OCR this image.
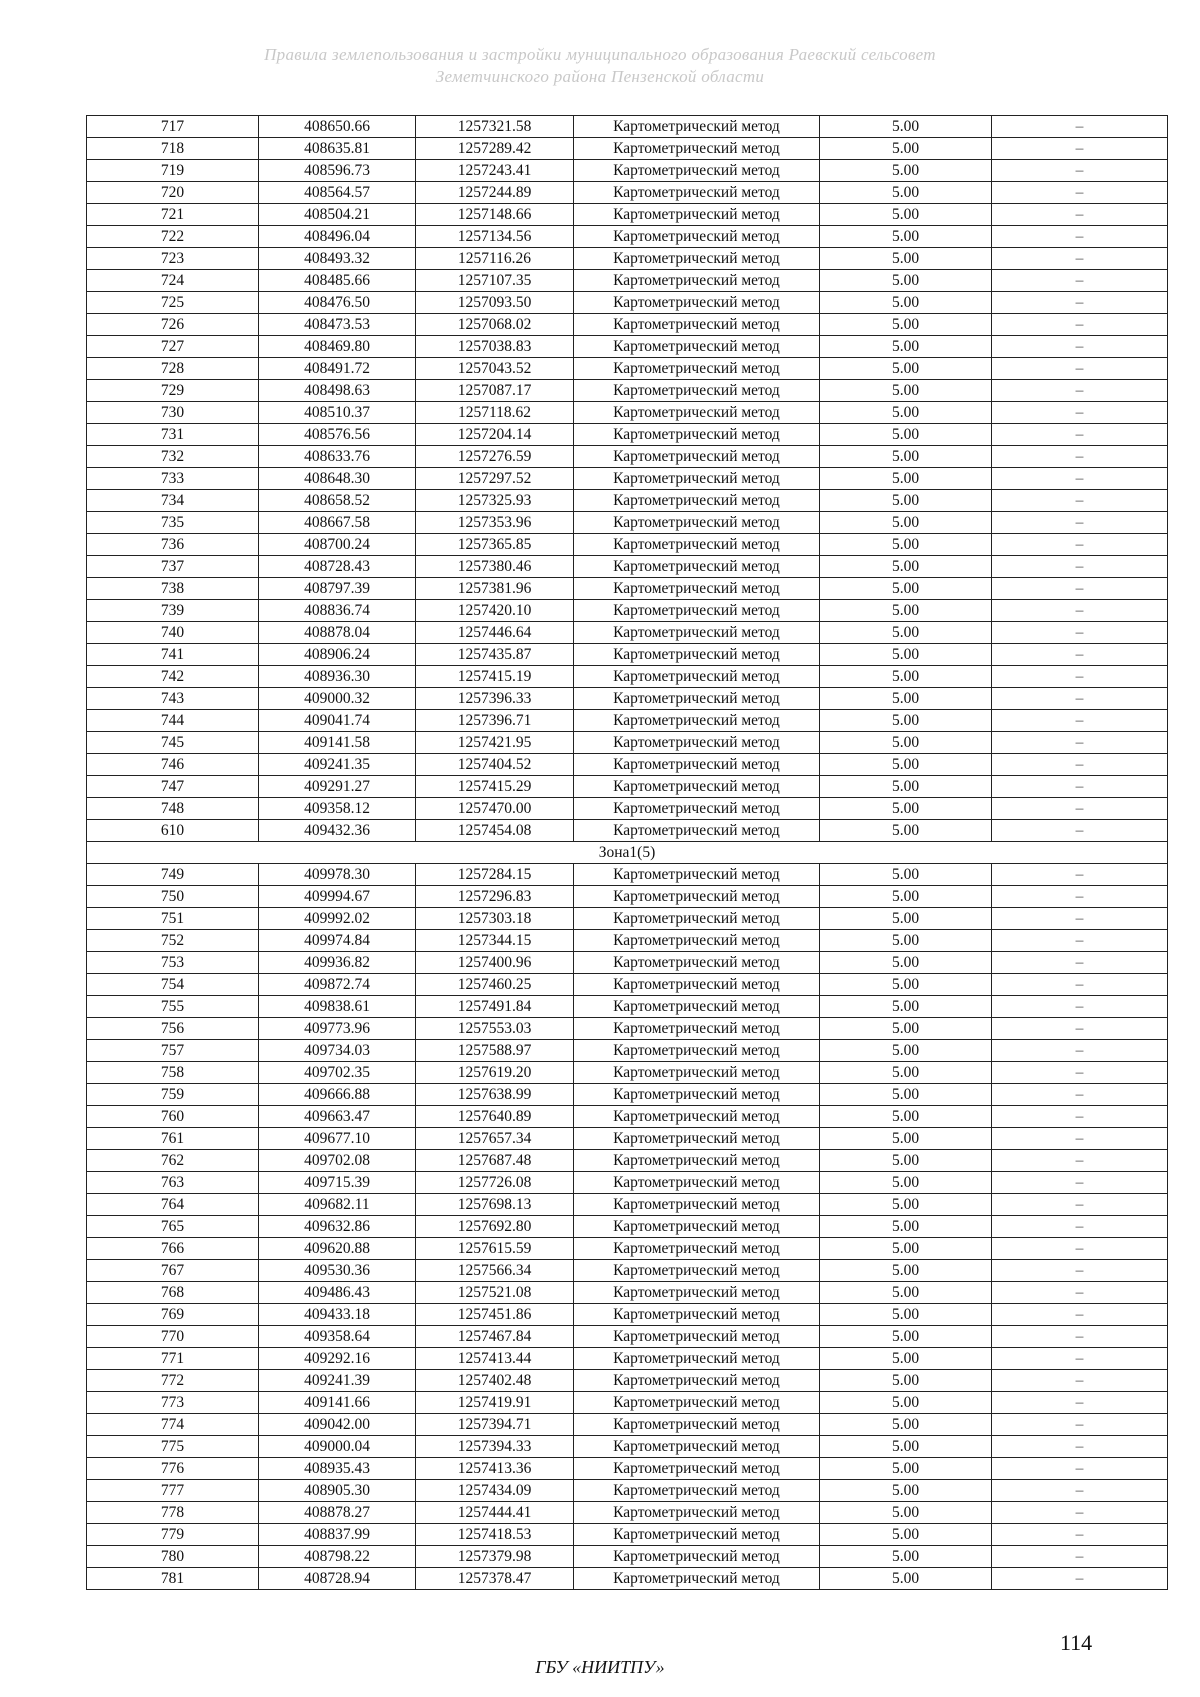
Правила землепользования и застройки муниципального образования Раевский сельсовет
Земетчинского района Пензенской области
717	408650.66	1257321.58	Картометрический метод	5.00	–
718	408635.81	1257289.42	Картометрический метод	5.00	–
719	408596.73	1257243.41	Картометрический метод	5.00	–
720	408564.57	1257244.89	Картометрический метод	5.00	–
721	408504.21	1257148.66	Картометрический метод	5.00	–
722	408496.04	1257134.56	Картометрический метод	5.00	–
723	408493.32	1257116.26	Картометрический метод	5.00	–
724	408485.66	1257107.35	Картометрический метод	5.00	–
725	408476.50	1257093.50	Картометрический метод	5.00	–
726	408473.53	1257068.02	Картометрический метод	5.00	–
727	408469.80	1257038.83	Картометрический метод	5.00	–
728	408491.72	1257043.52	Картометрический метод	5.00	–
729	408498.63	1257087.17	Картометрический метод	5.00	–
730	408510.37	1257118.62	Картометрический метод	5.00	–
731	408576.56	1257204.14	Картометрический метод	5.00	–
732	408633.76	1257276.59	Картометрический метод	5.00	–
733	408648.30	1257297.52	Картометрический метод	5.00	–
734	408658.52	1257325.93	Картометрический метод	5.00	–
735	408667.58	1257353.96	Картометрический метод	5.00	–
736	408700.24	1257365.85	Картометрический метод	5.00	–
737	408728.43	1257380.46	Картометрический метод	5.00	–
738	408797.39	1257381.96	Картометрический метод	5.00	–
739	408836.74	1257420.10	Картометрический метод	5.00	–
740	408878.04	1257446.64	Картометрический метод	5.00	–
741	408906.24	1257435.87	Картометрический метод	5.00	–
742	408936.30	1257415.19	Картометрический метод	5.00	–
743	409000.32	1257396.33	Картометрический метод	5.00	–
744	409041.74	1257396.71	Картометрический метод	5.00	–
745	409141.58	1257421.95	Картометрический метод	5.00	–
746	409241.35	1257404.52	Картометрический метод	5.00	–
747	409291.27	1257415.29	Картометрический метод	5.00	–
748	409358.12	1257470.00	Картометрический метод	5.00	–
610	409432.36	1257454.08	Картометрический метод	5.00	–
Зона1(5)					
749	409978.30	1257284.15	Картометрический метод	5.00	–
750	409994.67	1257296.83	Картометрический метод	5.00	–
751	409992.02	1257303.18	Картометрический метод	5.00	–
752	409974.84	1257344.15	Картометрический метод	5.00	–
753	409936.82	1257400.96	Картометрический метод	5.00	–
754	409872.74	1257460.25	Картометрический метод	5.00	–
755	409838.61	1257491.84	Картометрический метод	5.00	–
756	409773.96	1257553.03	Картометрический метод	5.00	–
757	409734.03	1257588.97	Картометрический метод	5.00	–
758	409702.35	1257619.20	Картометрический метод	5.00	–
759	409666.88	1257638.99	Картометрический метод	5.00	–
760	409663.47	1257640.89	Картометрический метод	5.00	–
761	409677.10	1257657.34	Картометрический метод	5.00	–
762	409702.08	1257687.48	Картометрический метод	5.00	–
763	409715.39	1257726.08	Картометрический метод	5.00	–
764	409682.11	1257698.13	Картометрический метод	5.00	–
765	409632.86	1257692.80	Картометрический метод	5.00	–
766	409620.88	1257615.59	Картометрический метод	5.00	–
767	409530.36	1257566.34	Картометрический метод	5.00	–
768	409486.43	1257521.08	Картометрический метод	5.00	–
769	409433.18	1257451.86	Картометрический метод	5.00	–
770	409358.64	1257467.84	Картометрический метод	5.00	–
771	409292.16	1257413.44	Картометрический метод	5.00	–
772	409241.39	1257402.48	Картометрический метод	5.00	–
773	409141.66	1257419.91	Картометрический метод	5.00	–
774	409042.00	1257394.71	Картометрический метод	5.00	–
775	409000.04	1257394.33	Картометрический метод	5.00	–
776	408935.43	1257413.36	Картометрический метод	5.00	–
777	408905.30	1257434.09	Картометрический метод	5.00	–
778	408878.27	1257444.41	Картометрический метод	5.00	–
779	408837.99	1257418.53	Картометрический метод	5.00	–
780	408798.22	1257379.98	Картометрический метод	5.00	–
781	408728.94	1257378.47	Картометрический метод	5.00	–
114
ГБУ «НИИТПУ»
